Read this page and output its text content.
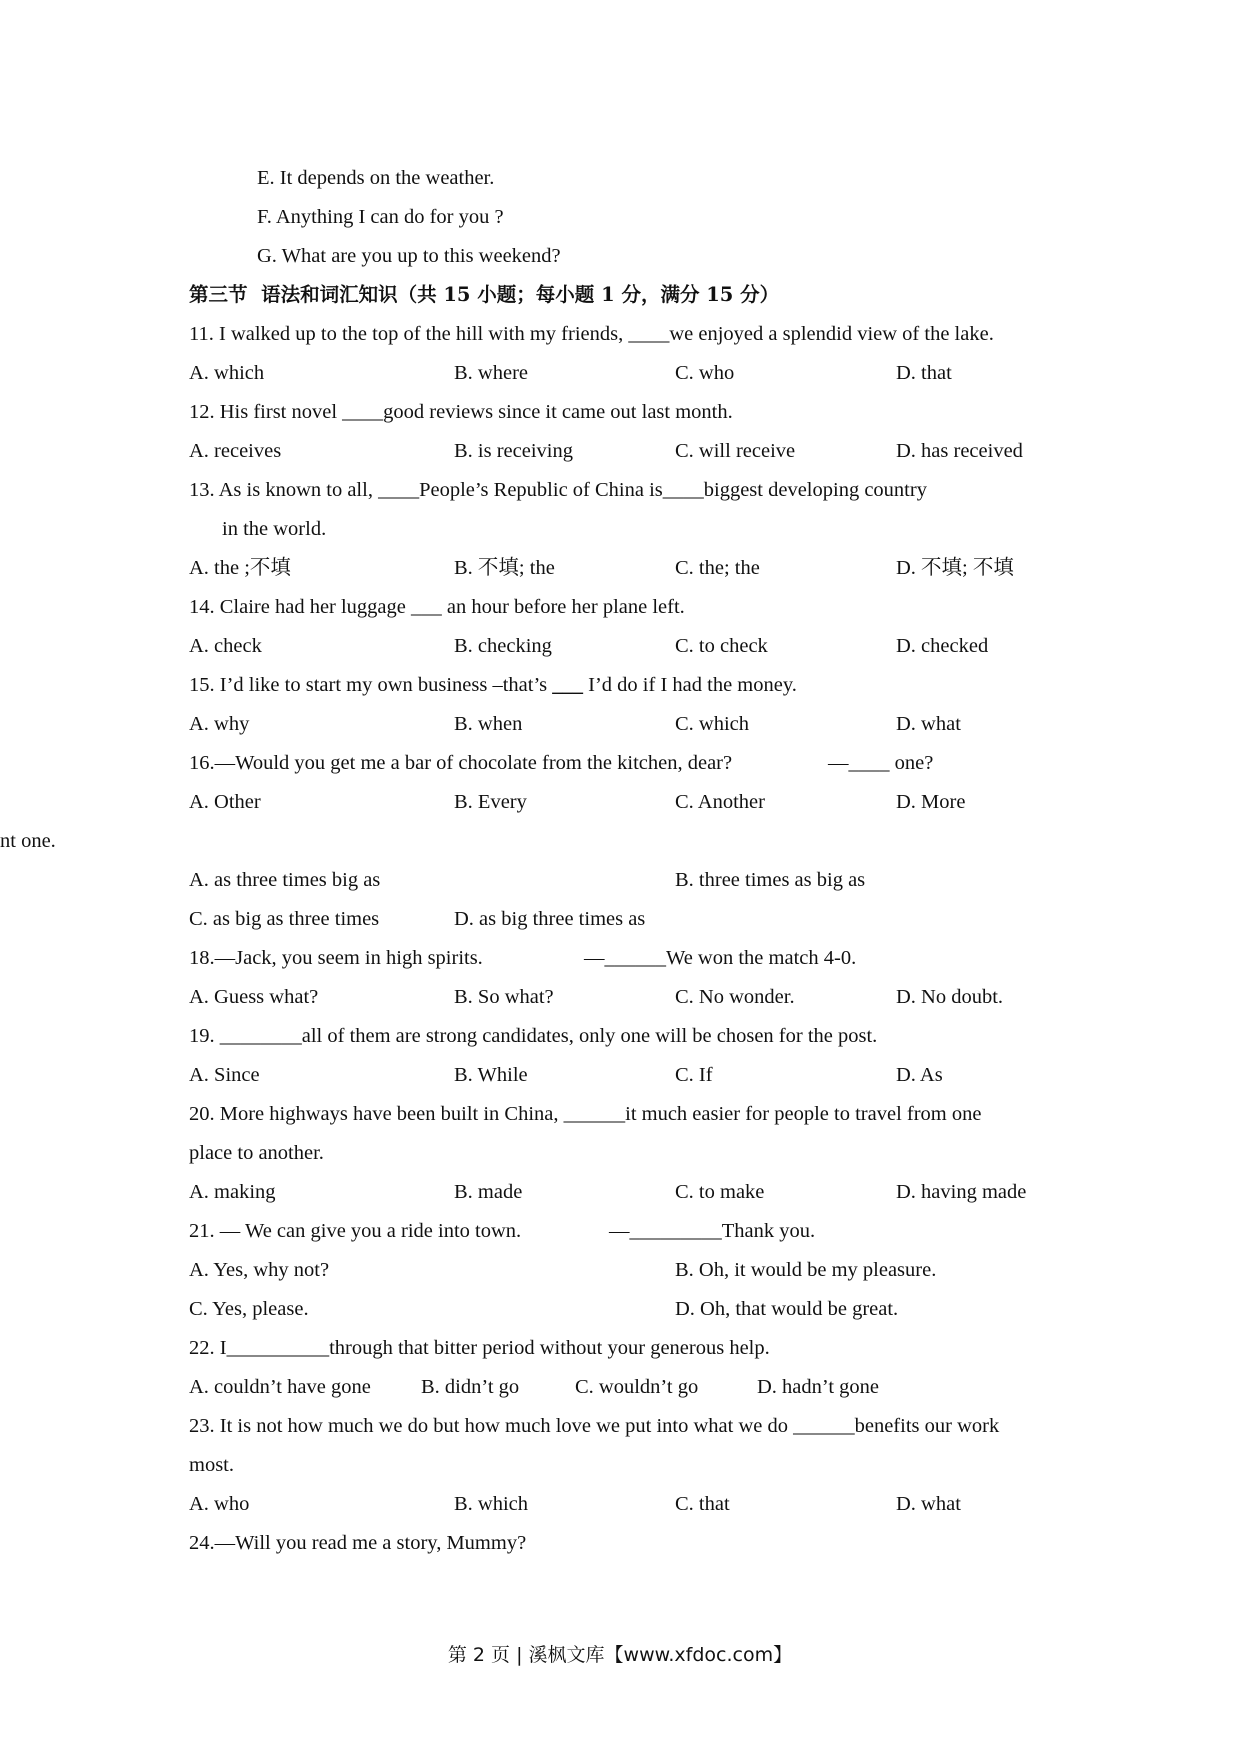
E. It depends on the weather.
F. Anything I can do for you ?
G. What are you up to this weekend?
第三节  语法和词汇知识（共 15 小题；每小题 1 分，满分 15 分）
11. I walked up to the top of the hill with my friends, ____we enjoyed a splendid view of the lake.
A. which	B. where	C. who	D. that
12. His first novel ____good reviews since it came out last month.
A. receives	B. is receiving	C. will receive	D. has received
13. As is known to all, ____People’s Republic of China is____biggest developing country
in the world.
A. the ;不填	B. 不填; the	C. the; the	D. 不填; 不填
14. Claire had her luggage ___ an hour before her plane left.
A. check	B. checking	C. to check	D. checked
15. I’d like to start my own business –that’s ___ I’d do if I had the money.
A. why	B. when	C. which	D. what
16.—Would you get me a bar of chocolate from the kitchen, dear?	—____ one?
A. Other	B. Every	C. Another	D. More
nt one.
A. as three times big as	B. three times as big as
C. as big as three times	D. as big three times as
18.—Jack, you seem in high spirits.	—______We won the match 4-0.
A. Guess what?	B. So what?	C. No wonder.	D. No doubt.
19. ________all of them are strong candidates, only one will be chosen for the post.
A. Since	B. While	C. If	D. As
20. More highways have been built in China, ______it much easier for people to travel from one
place to another.
A. making	B. made	C. to make	D. having made
21. — We can give you a ride into town.	—_________Thank you.
A. Yes, why not?	B. Oh, it would be my pleasure.
C. Yes, please.	D. Oh, that would be great.
22. I__________through that bitter period without your generous help.
A. couldn’t have gone B. didn’t go	C. wouldn’t go	D. hadn’t gone
23. It is not how much we do but how much love we put into what we do ______benefits our work
most.
A. who	B. which	C. that	D. what
24.—Will you read me a story, Mummy?
第 2 页 | 溪枫文库【www.xfdoc.com】
